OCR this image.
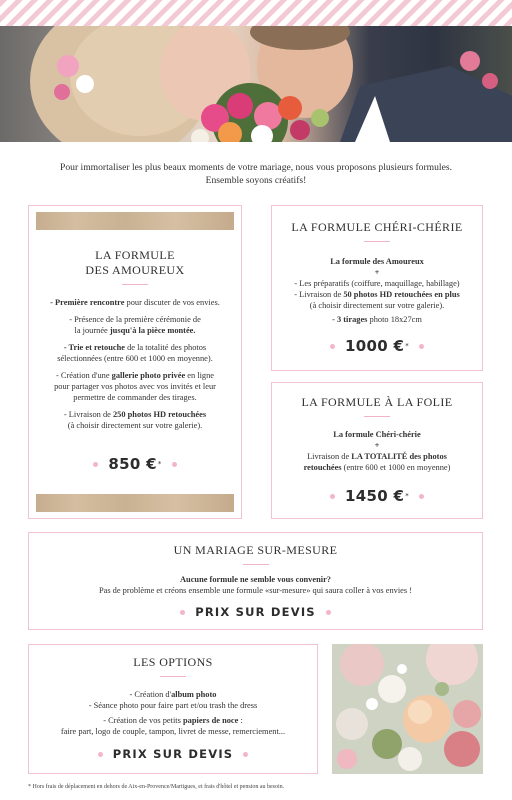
Pour immortaliser les plus beaux moments de votre mariage, nous vous proposons plusieurs formules.
Ensemble soyons créatifs!
LA FORMULE
DES AMOUREUX
- Première rencontre pour discuter de vos envies.
- Présence de la première cérémonie de
la journée jusqu'à la pièce montée.
- Trie et retouche de la totalité des photos
sélectionnées (entre 600 et 1000 en moyenne).
- Création d'une gallerie photo privée en ligne
pour partager vos photos avec vos invités et leur
permettre de commander des tirages.
- Livraison de 250 photos HD retouchées
(à choisir directement sur votre galerie).
850 € *
LA FORMULE CHÉRI-CHÉRIE
La formule des Amoureux
+
- Les préparatifs (coiffure, maquillage, habillage)
- Livraison de 50 photos HD retouchées en plus
(à choisir directement sur votre galerie).
- 3 tirages photo 18x27cm
1000 € *
LA FORMULE À LA FOLIE
La formule Chéri-chérie
+
Livraison de LA TOTALITÉ des photos
retouchées (entre 600 et 1000 en moyenne)
1450 € *
UN MARIAGE SUR-MESURE
Aucune formule ne semble vous convenir?
Pas de problème et créons ensemble une formule «sur-mesure» qui saura coller à vos envies !
PRIX SUR DEVIS
LES OPTIONS
- Création d'album photo
- Séance photo pour faire part et/ou trash the dress
- Création de vos petits papiers de noce :
faire part, logo de couple, tampon, livret de messe, remerciement...
PRIX SUR DEVIS
* Hors frais de déplacement en dehors de Aix-en-Provence/Martigues, et frais d'hôtel et pension au besoin.
